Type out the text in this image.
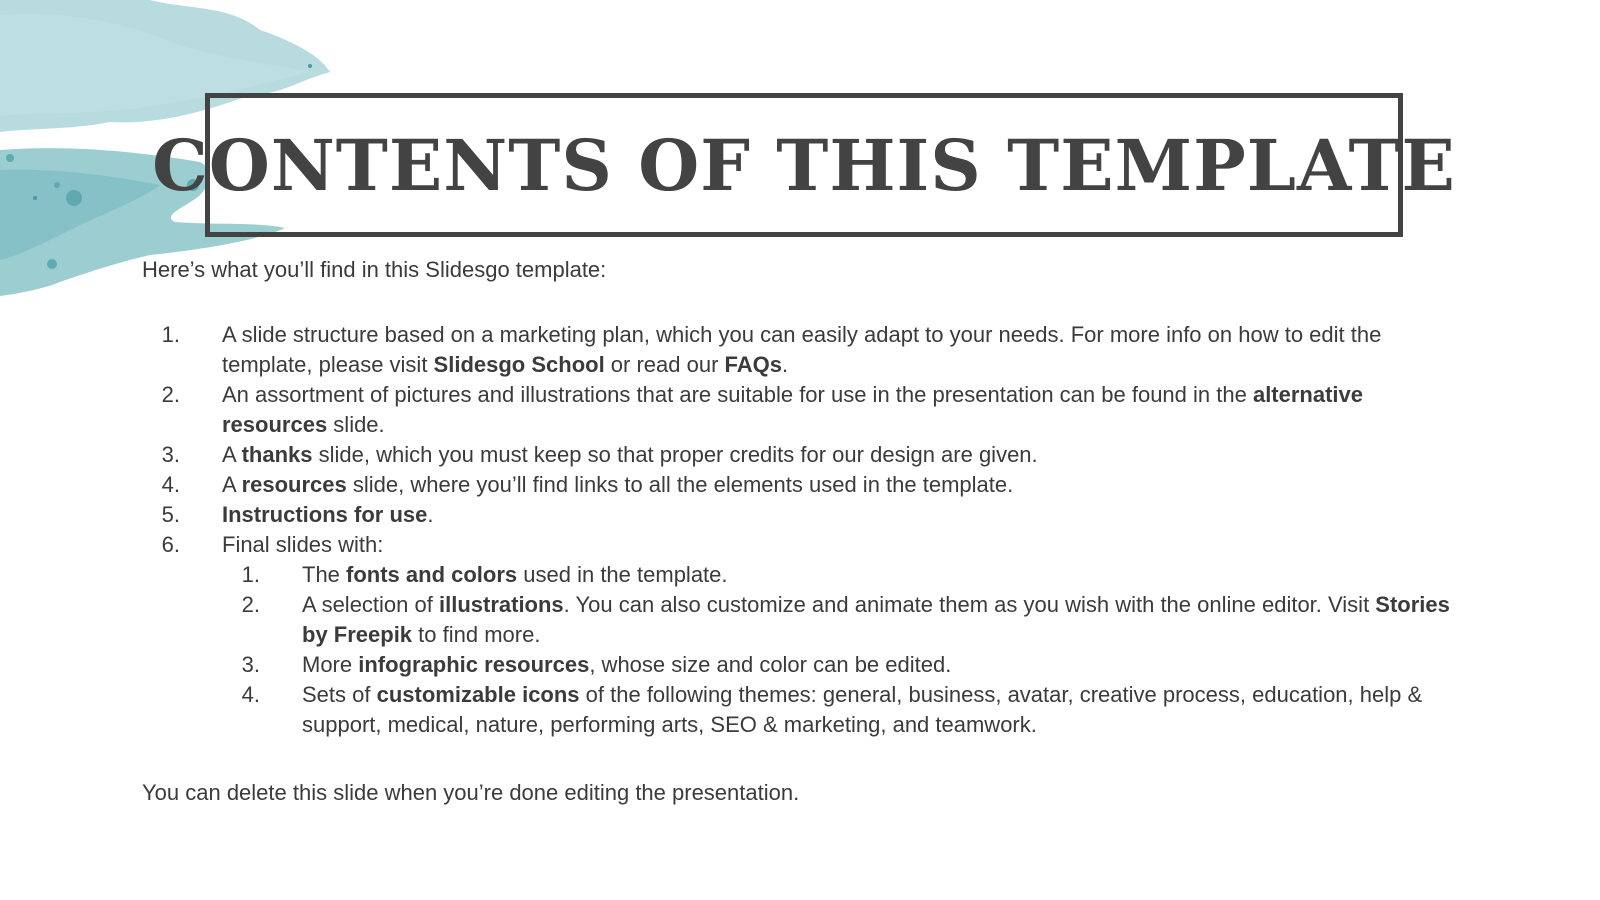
CONTENTS OF THIS TEMPLATE

Here’s what you’ll find in this Slidesgo template:

1.	A slide structure based on a marketing plan, which you can easily adapt to your needs. For more info on how to edit the template, please visit Slidesgo School or read our FAQs.
2.	An assortment of pictures and illustrations that are suitable for use in the presentation can be found in the alternative resources slide.
3.	A thanks slide, which you must keep so that proper credits for our design are given.
4.	A resources slide, where you’ll find links to all the elements used in the template.
5.	Instructions for use.
6.	Final slides with:
1.	The fonts and colors used in the template.
2.	A selection of illustrations. You can also customize and animate them as you wish with the online editor. Visit Stories by Freepik to find more.
3.	More infographic resources, whose size and color can be edited.
4.	Sets of customizable icons of the following themes: general, business, avatar, creative process, education, help & support, medical, nature, performing arts, SEO & marketing, and teamwork.

You can delete this slide when you’re done editing the presentation.
